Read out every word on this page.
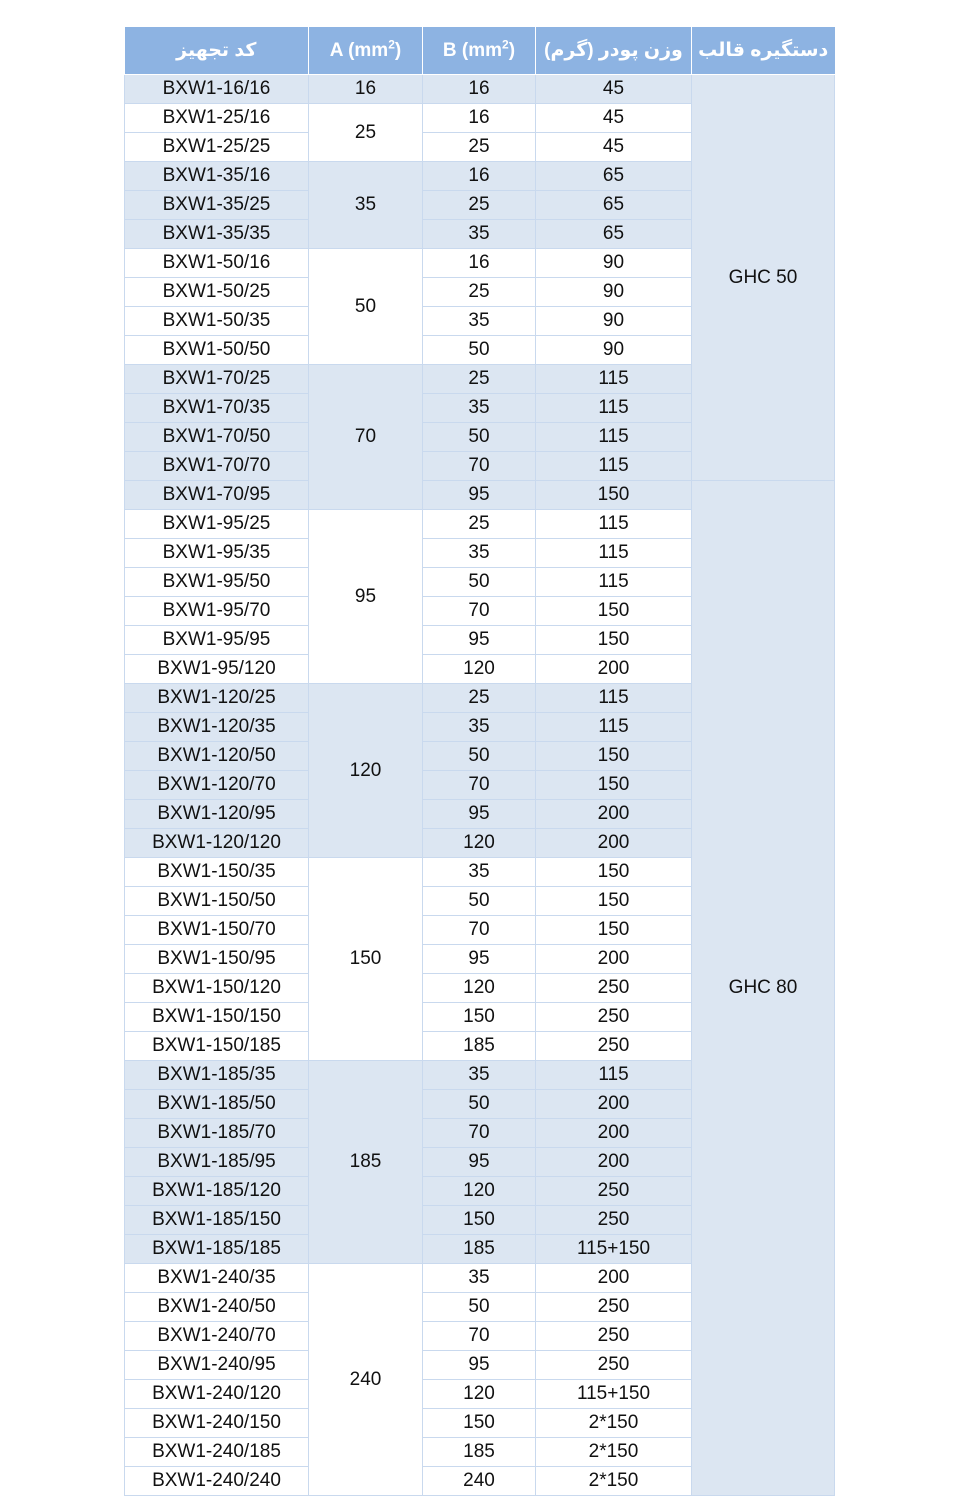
کد تجهیز	A $(mm^2)$	B $(mm^2)$	وزن پودر (گرم)	دستگیره قالب
BXW1-16/16	16	16	45	GHC 50
BXW1-25/16	25	16	45	
BXW1-25/25		25	45	
BXW1-35/16	35	16	65	
BXW1-35/25		25	65	
BXW1-35/35		35	65	
BXW1-50/16	50	16	90	
BXW1-50/25		25	90	
BXW1-50/35		35	90	
BXW1-50/50		50	90	
BXW1-70/25	70	25	115	
BXW1-70/35		35	115	
BXW1-70/50		50	115	
BXW1-70/70		70	115	
BXW1-70/95		95	150	GHC 80
BXW1-95/25	95	25	115	
BXW1-95/35		35	115	
BXW1-95/50		50	115	
BXW1-95/70		70	150	
BXW1-95/95		95	150	
BXW1-95/120		120	200	
BXW1-120/25	120	25	115	
BXW1-120/35		35	115	
BXW1-120/50		50	150	
BXW1-120/70		70	150	
BXW1-120/95		95	200	
BXW1-120/120		120	200	
BXW1-150/35	150	35	150	
BXW1-150/50		50	150	
BXW1-150/70		70	150	
BXW1-150/95		95	200	
BXW1-150/120		120	250	
BXW1-150/150		150	250	
BXW1-150/185		185	250	
BXW1-185/35	185	35	115	
BXW1-185/50		50	200	
BXW1-185/70		70	200	
BXW1-185/95		95	200	
BXW1-185/120		120	250	
BXW1-185/150		150	250	
BXW1-185/185		185	115+150	
BXW1-240/35	240	35	200	
BXW1-240/50		50	250	
BXW1-240/70		70	250	
BXW1-240/95		95	250	
BXW1-240/120		120	115+150	
BXW1-240/150		150	2*150	
BXW1-240/185		185	2*150	
BXW1-240/240		240	2*150	
